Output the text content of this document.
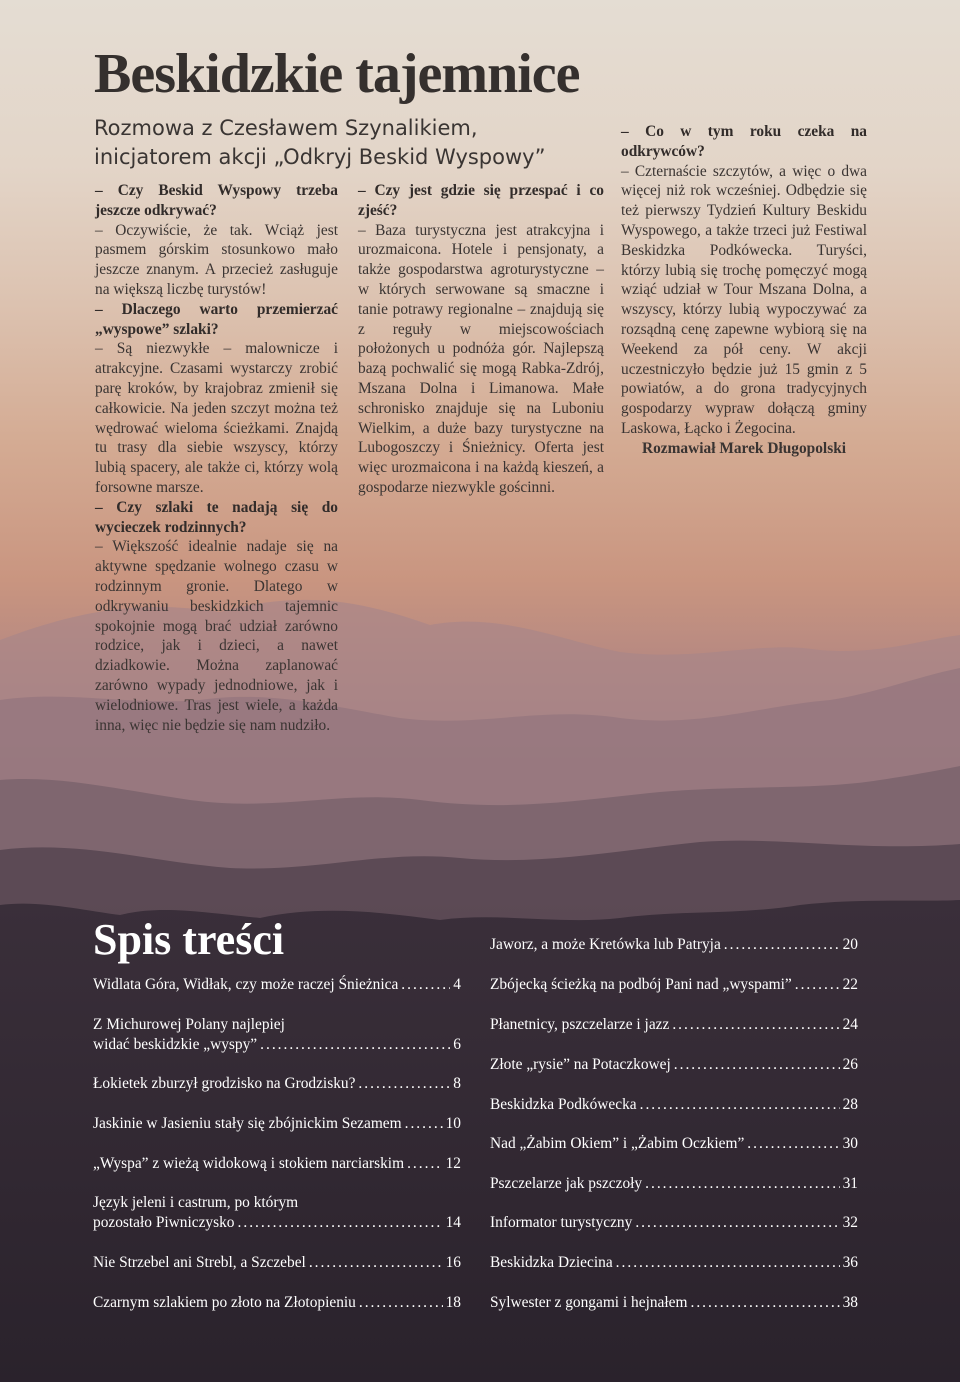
Beskidzkie tajemnice
Rozmowa z Czesławem Szynalikiem,
inicjatorem akcji „Odkryj Beskid Wyspowy”

– Czy Beskid Wyspowy trzeba jeszcze odkrywać?

– Oczywiście, że tak. Wciąż jest pasmem górskim stosunkowo mało jeszcze znanym. A przecież zasługuje na większą liczbę turystów!

– Dlaczego warto przemierzać „wyspowe” szlaki?

– Są niezwykłe – malownicze i atrakcyjne. Czasami wystarczy zrobić parę kroków, by krajobraz zmienił się całkowicie. Na jeden szczyt można też wędrować wieloma ścieżkami. Znajdą tu trasy dla siebie wszyscy, którzy lubią spacery, ale także ci, którzy wolą forsowne marsze.

– Czy szlaki te nadają się do wycieczek rodzinnych?

– Większość idealnie nadaje się na aktywne spędzanie wolnego czasu w rodzinnym gronie. Dlatego w odkrywaniu beskidzkich tajemnic spokojnie mogą brać udział zarówno rodzice, jak i dzieci, a nawet dziadkowie. Można zaplanować zarówno wypady jednodniowe, jak i wielodniowe. Tras jest wiele, a każda inna, więc nie będzie się nam nudziło.

– Czy jest gdzie się przespać i co zjeść?

– Baza turystyczna jest atrakcyjna i urozmaicona. Hotele i pensjonaty, a także gospodarstwa agroturystyczne – w których serwowane są smaczne i tanie potrawy regionalne – znajdują się z reguły w miejscowościach położonych u podnóża gór. Najlepszą bazą pochwalić się mogą Rabka-Zdrój, Mszana Dolna i Limanowa. Małe schronisko znajduje się na Luboniu Wielkim, a duże bazy turystyczne na Lubogoszczy i Śnieżnicy. Oferta jest więc urozmaicona i na każdą kieszeń, a gospodarze niezwykle gościnni.

– Co w tym roku czeka na odkrywców?

– Czternaście szczytów, a więc o dwa więcej niż rok wcześniej. Odbędzie się też pierwszy Tydzień Kultury Beskidu Wyspowego, a także trzeci już Festiwal Beskidzka Podkówecka. Turyści, którzy lubią się trochę pomęczyć mogą wziąć udział w Tour Mszana Dolna, a wszyscy, którzy lubią wypoczywać za rozsądną cenę zapewne wybiorą się na Weekend za pół ceny. W akcji uczestniczyło będzie już 15 gmin z 5 powiatów, a do grona tradycyjnych gospodarzy wypraw dołączą gminy Laskowa, Łącko i Żegocina.

Rozmawiał Marek Długopolski

Spis treści
Widlata Góra, Widłak, czy może raczej Śnieżnica .....	4
Z Michurowej Polany najlepiej
widać beskidzkie „wyspy” .....	6
Łokietek zburzył grodzisko na Grodzisku? .....	8
Jaskinie w Jasieniu stały się zbójnickim Sezamem .....	10
„Wyspa” z wieżą widokową i stokiem narciarskim .....	12
Język jeleni i castrum, po którym
pozostało Piwniczysko .....	14
Nie Strzebel ani Strebl, a Szczebel .....	16
Czarnym szlakiem po złoto na Złotopieniu .....	18
Jaworz, a może Kretówka lub Patryja .....	20
Zbójecką ścieżką na podbój Pani nad „wyspami” .....	22
Płanetnicy, pszczelarze i jazz .....	24
Złote „rysie” na Potaczkowej .....	26
Beskidzka Podkówecka .....	28
Nad „Żabim Okiem” i „Żabim Oczkiem” .....	30
Pszczelarze jak pszczoły .....	31
Informator turystyczny .....	32
Beskidzka Dziecina .....	36
Sylwester z gongami i hejnałem .....	38
